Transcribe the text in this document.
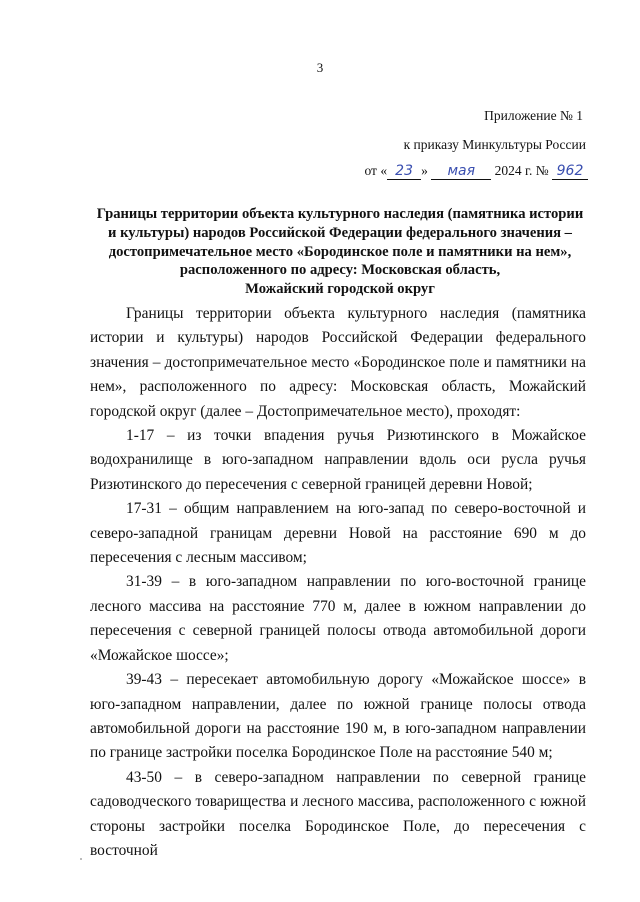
3
Приложение № 1
к приказу Минкультуры России
от « 23 » мая 2024 г. № 962
Границы территории объекта культурного наследия (памятника истории
и культуры) народов Российской Федерации федерального значения –
достопримечательное место «Бородинское поле и памятники на нем»,
расположенного по адресу: Московская область,
Можайский городской округ

Границы территории объекта культурного наследия (памятника истории и культуры) народов Российской Федерации федерального значения – достопримечательное место «Бородинское поле и памятники на нем», расположенного по адресу: Московская область, Можайский городской округ (далее – Достопримечательное место), проходят:

1-17 – из точки впадения ручья Ризютинского в Можайское водохранилище в юго-западном направлении вдоль оси русла ручья Ризютинского до пересечения с северной границей деревни Новой;

17-31 – общим направлением на юго-запад по северо-восточной и северо-западной границам деревни Новой на расстояние 690 м до пересечения с лесным массивом;

31-39 – в юго-западном направлении по юго-восточной границе лесного массива на расстояние 770 м, далее в южном направлении до пересечения с северной границей полосы отвода автомобильной дороги «Можайское шоссе»;

39-43 – пересекает автомобильную дорогу «Можайское шоссе» в юго-западном направлении, далее по южной границе полосы отвода автомобильной дороги на расстояние 190 м, в юго-западном направлении по границе застройки поселка Бородинское Поле на расстояние 540 м;

43-50 – в северо-западном направлении по северной границе садоводческого товарищества и лесного массива, расположенного с южной стороны застройки поселка Бородинское Поле, до пересечения с восточной
